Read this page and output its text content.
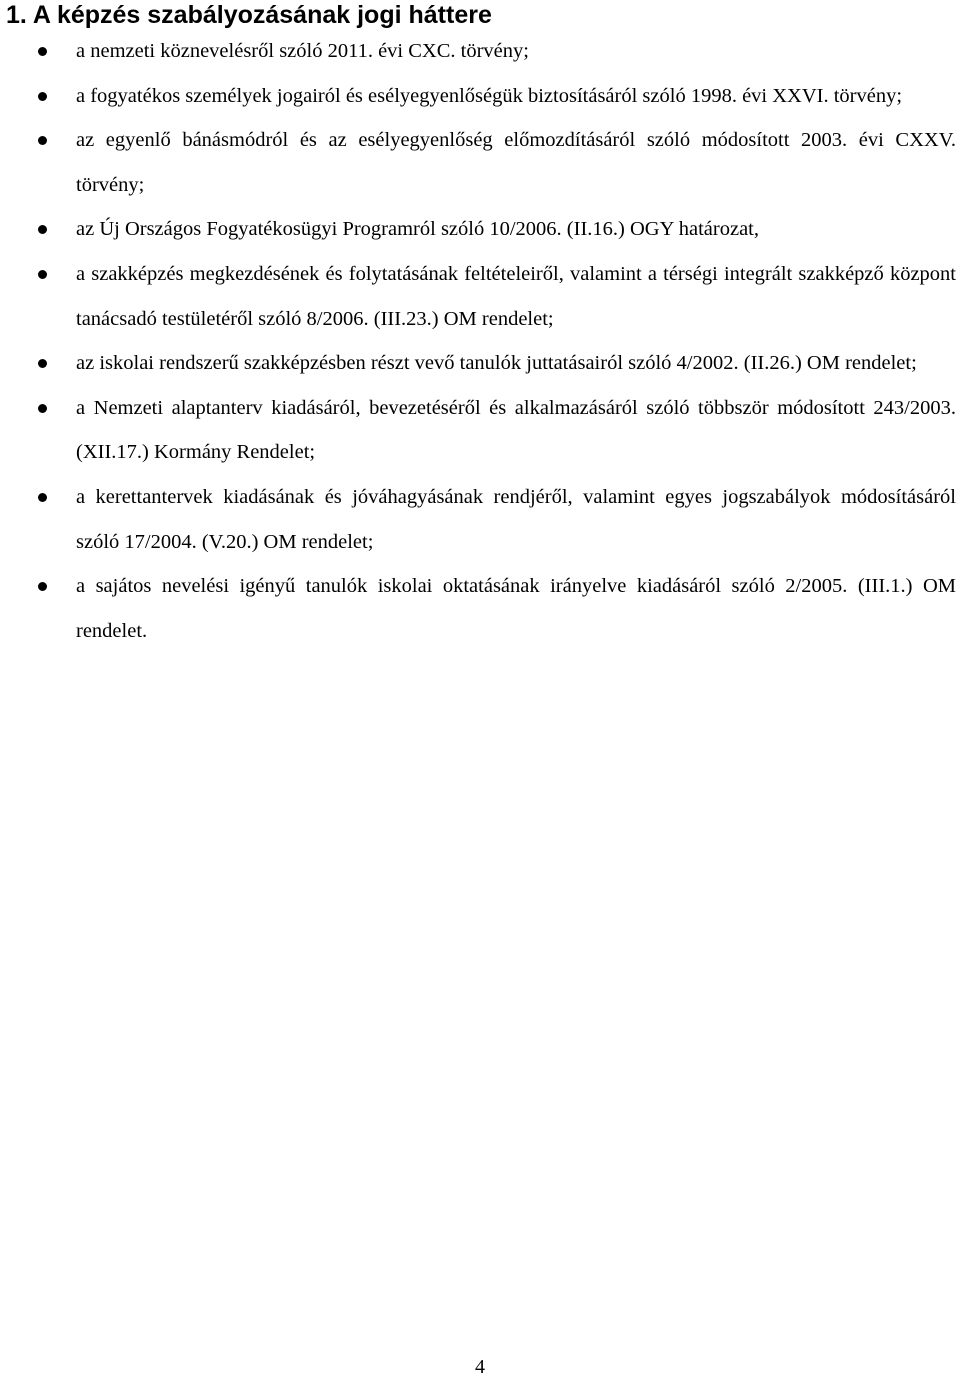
1. A képzés szabályozásának jogi háttere
a nemzeti köznevelésről szóló 2011. évi CXC. törvény;
a fogyatékos személyek jogairól és esélyegyenlőségük biztosításáról szóló 1998. évi XXVI. törvény;
az egyenlő bánásmódról és az esélyegyenlőség előmozdításáról szóló módosított 2003. évi CXXV. törvény;
az Új Országos Fogyatékosügyi Programról szóló 10/2006. (II.16.) OGY határozat,
a szakképzés megkezdésének és folytatásának feltételeiről, valamint a térségi integrált szakképző központ tanácsadó testületéről szóló 8/2006. (III.23.) OM rendelet;
az iskolai rendszerű szakképzésben részt vevő tanulók juttatásairól szóló 4/2002. (II.26.) OM rendelet;
a Nemzeti alaptanterv kiadásáról, bevezetéséről és alkalmazásáról szóló többször módosított 243/2003. (XII.17.) Kormány Rendelet;
a kerettantervek kiadásának és jóváhagyásának rendjéről, valamint egyes jogszabályok módosításáról szóló 17/2004. (V.20.) OM rendelet;
a sajátos nevelési igényű tanulók iskolai oktatásának irányelve kiadásáról szóló 2/2005. (III.1.) OM rendelet.
4
